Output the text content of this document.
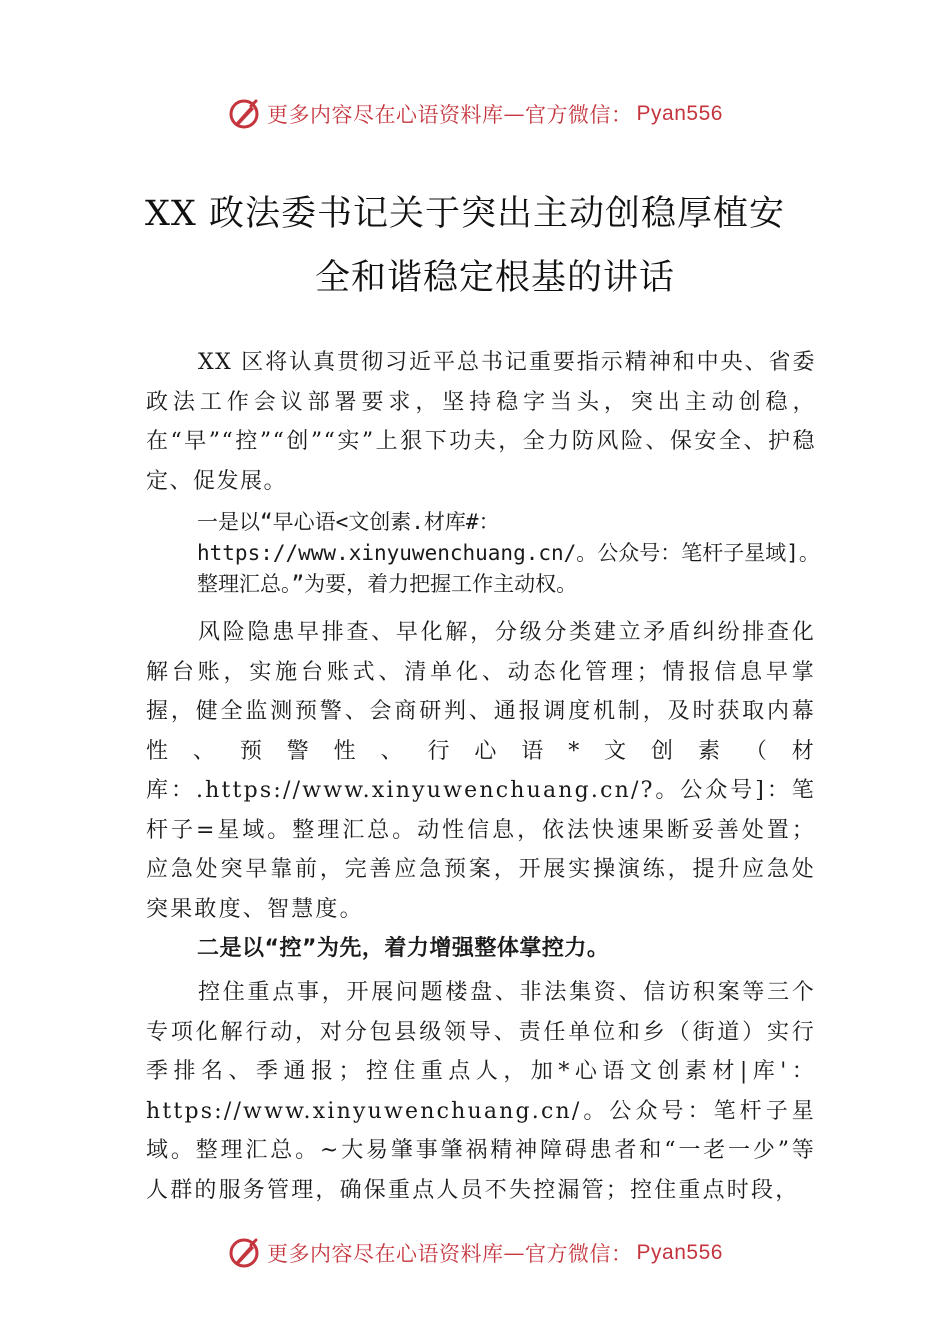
更多内容尽在心语资料库 — 官方微信： Pyan556
XX 政法委书记关于突出主动创稳厚植安
全和谐稳定根基的讲话

XX 区将认真贯彻习近平总书记重要指示精神和中央、省委政法工作会议部署要求，坚持稳字当头，突出主动创稳，在“早”“控”“创”“实”上狠下功夫，全力防风险、保安全、护稳定、促发展。

一是以“早心语<文创素.材库#：https://www.xinyuwenchuang.cn/。公众号：笔杆子星域]。整理汇总。”为要，着力把握工作主动权。

风险隐患早排查、早化解，分级分类建立矛盾纠纷排查化解台账，实施台账式、清单化、动态化管理；情报信息早掌握，健全监测预警、会商研判、通报调度机制，及时获取内幕性、预警性、行心语*文创素（材库：.https://www.xinyuwenchuang.cn/?。公众号]：笔杆子=星域。整理汇总。动性信息，依法快速果断妥善处置；应急处突早靠前，完善应急预案，开展实操演练，提升应急处突果敢度、智慧度。

二是以“控”为先，着力增强整体掌控力。

控住重点事，开展问题楼盘、非法集资、信访积案等三个专项化解行动，对分包县级领导、责任单位和乡（街道）实行季排名、季通报；控住重点人，加*心语文创素材|库'：https://www.xinyuwenchuang.cn/。公众号：笔杆子星域。整理汇总。~大易肇事肇祸精神障碍患者和“一老一少”等人群的服务管理，确保重点人员不失控漏管；控住重点时段，

更多内容尽在心语资料库 — 官方微信： Pyan556
